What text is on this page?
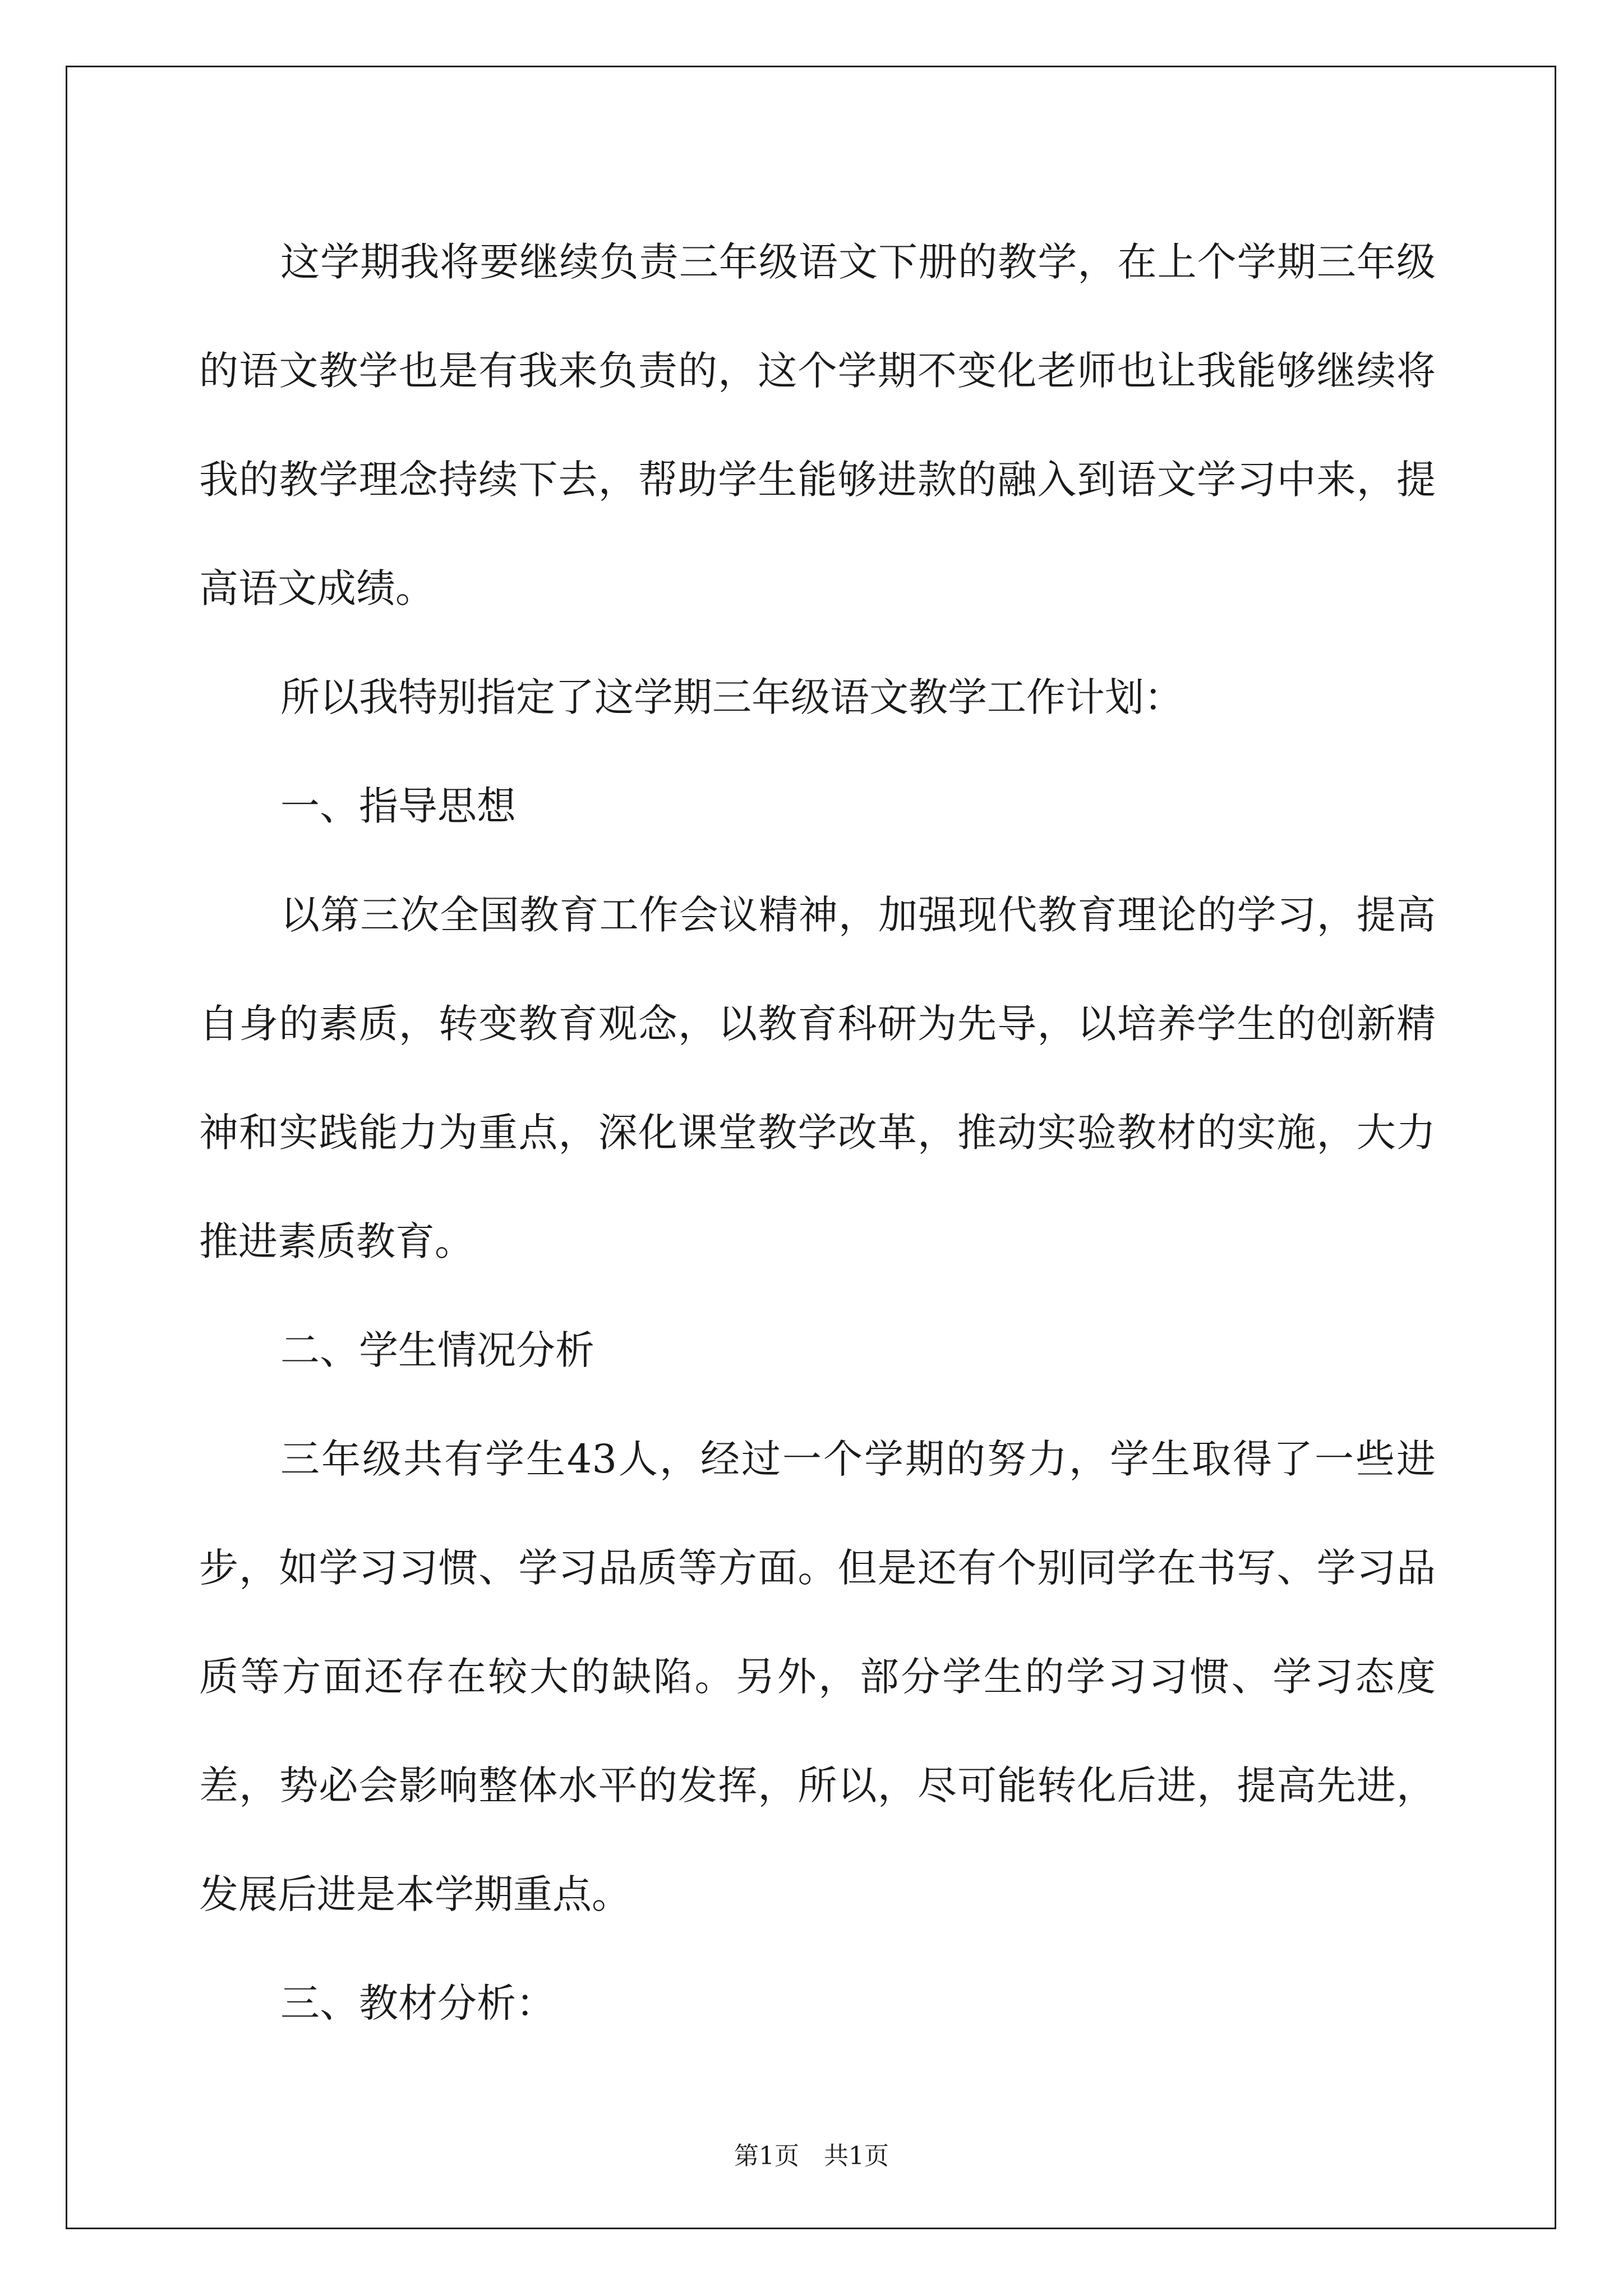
这学期我将要继续负责三年级语文下册的教学，在上个学期三年级的语文教学也是有我来负责的，这个学期不变化老师也让我能够继续将我的教学理念持续下去，帮助学生能够进款的融入到语文学习中来，提高语文成绩。

所以我特别指定了这学期三年级语文教学工作计划：

一、指导思想

以第三次全国教育工作会议精神，加强现代教育理论的学习，提高自身的素质，转变教育观念，以教育科研为先导，以培养学生的创新精神和实践能力为重点，深化课堂教学改革，推动实验教材的实施，大力推进素质教育。

二、学生情况分析

三年级共有学生43人，经过一个学期的努力，学生取得了一些进步，如学习习惯、学习品质等方面。但是还有个别同学在书写、学习品质等方面还存在较大的缺陷。另外，部分学生的学习习惯、学习态度差，势必会影响整体水平的发挥，所以，尽可能转化后进，提高先进，发展后进是本学期重点。

三、教材分析：

第1页　共1页
